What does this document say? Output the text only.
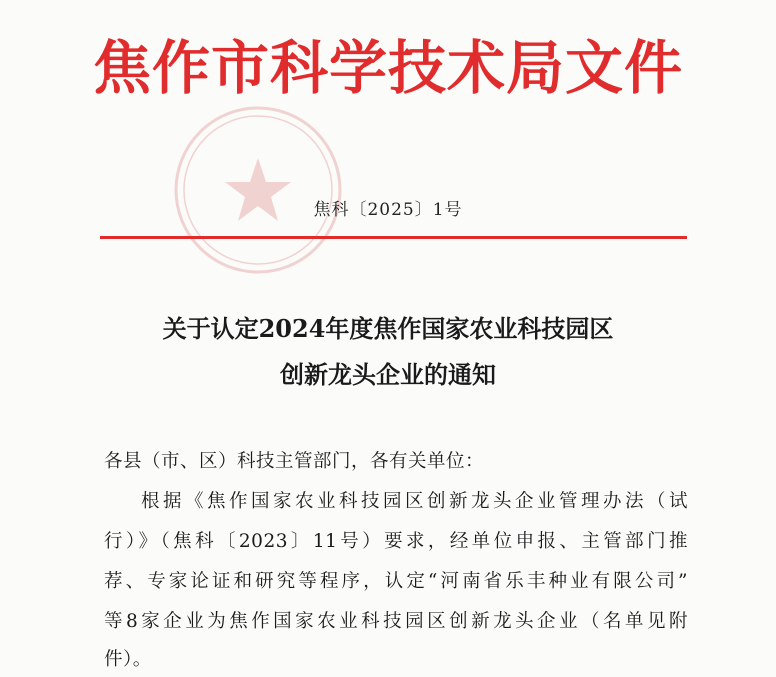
焦作市科学技术局文件
焦科〔2025〕1号
关于认定2024年度焦作国家农业科技园区
创新龙头企业的通知
各县（市、区）科技主管部门，各有关单位：
根据《焦作国家农业科技园区创新龙头企业管理办法（试
行）》（焦科〔2023〕11号）要求，经单位申报、主管部门推
荐、专家论证和研究等程序，认定“河南省乐丰种业有限公司”
等8家企业为焦作国家农业科技园区创新龙头企业（名单见附
件）。
